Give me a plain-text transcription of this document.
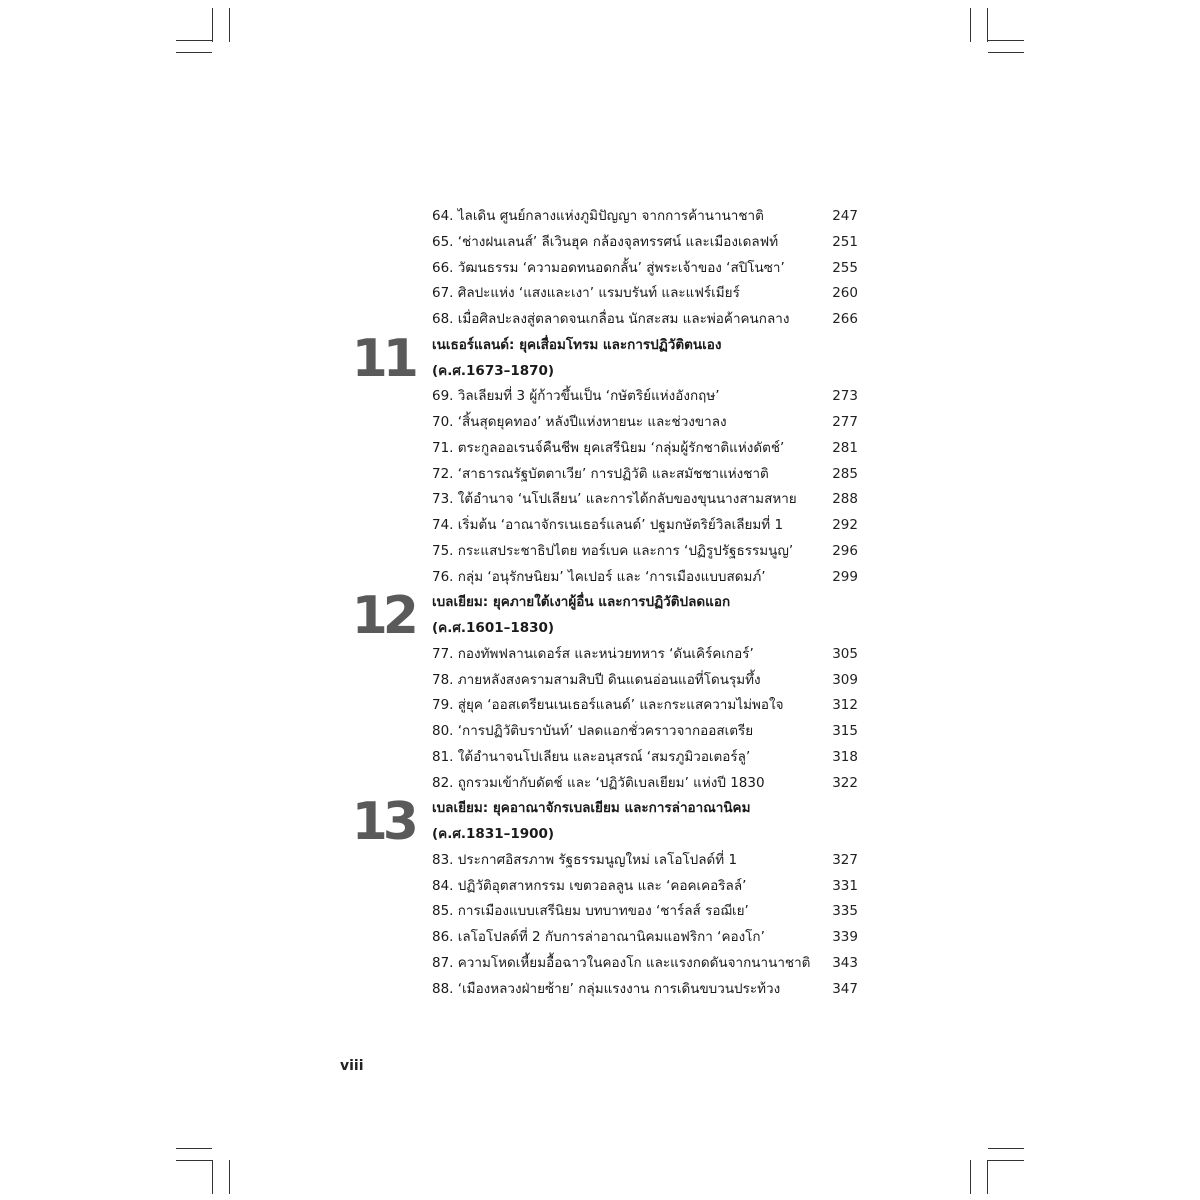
64. ไลเดิน ศูนย์กลางแห่งภูมิปัญญา จากการค้านานาชาติ	247
65. ‘ช่างฝนเลนส์’ ลีเวินฮุค กล้องจุลทรรศน์ และเมืองเดลฟท์	251
66. วัฒนธรรม ‘ความอดทนอดกลั้น’ สู่พระเจ้าของ ‘สปิโนซา’	255
67. ศิลปะแห่ง ‘แสงและเงา’ แรมบรันท์ และแฟร์เมียร์	260
68. เมื่อศิลปะลงสู่ตลาดจนเกลื่อน นักสะสม และพ่อค้าคนกลาง	266
เนเธอร์แลนด์: ยุคเสื่อมโทรม และการปฏิวัติตนเอง
(ค.ศ.1673–1870)
11
69. วิลเลียมที่ 3 ผู้ก้าวขึ้นเป็น ‘กษัตริย์แห่งอังกฤษ’	273
70. ‘สิ้นสุดยุคทอง’ หลังปีแห่งหายนะ และช่วงขาลง	277
71. ตระกูลออเรนจ์คืนชีพ ยุคเสรีนิยม ‘กลุ่มผู้รักชาติแห่งดัตช์’	281
72. ‘สาธารณรัฐบัตตาเวีย’ การปฏิวัติ และสมัชชาแห่งชาติ	285
73. ใต้อำนาจ ‘นโปเลียน’ และการได้กลับของขุนนางสามสหาย	288
74. เริ่มต้น ‘อาณาจักรเนเธอร์แลนด์’ ปฐมกษัตริย์วิลเลียมที่ 1	292
75. กระแสประชาธิปไตย ทอร์เบค และการ ‘ปฏิรูปรัฐธรรมนูญ’	296
76. กลุ่ม ‘อนุรักษนิยม’ ไคเปอร์ และ ‘การเมืองแบบสดมภ์’	299
เบลเยียม: ยุคภายใต้เงาผู้อื่น และการปฏิวัติปลดแอก
(ค.ศ.1601–1830)
12
77. กองทัพฟลานเดอร์ส และหน่วยทหาร ‘ดันเคิร์คเกอร์’	305
78. ภายหลังสงครามสามสิบปี ดินแดนอ่อนแอที่โดนรุมทึ้ง	309
79. สู่ยุค ‘ออสเตรียนเนเธอร์แลนด์’ และกระแสความไม่พอใจ	312
80. ‘การปฏิวัติบราบันท์’ ปลดแอกชั่วคราวจากออสเตรีย	315
81. ใต้อำนาจนโปเลียน และอนุสรณ์ ‘สมรภูมิวอเตอร์ลู’	318
82. ถูกรวมเข้ากับดัตช์ และ ‘ปฏิวัติเบลเยียม’ แห่งปี 1830	322
เบลเยียม: ยุคอาณาจักรเบลเยียม และการล่าอาณานิคม
(ค.ศ.1831–1900)
13
83. ประกาศอิสรภาพ รัฐธรรมนูญใหม่ เลโอโปลด์ที่ 1	327
84. ปฏิวัติอุตสาหกรรม เขตวอลลูน และ ‘คอคเคอริลล์’	331
85. การเมืองแบบเสรีนิยม บทบาทของ ‘ชาร์ลส์ รอฌีเย’	335
86. เลโอโปลด์ที่ 2 กับการล่าอาณานิคมแอฟริกา ‘คองโก’	339
87. ความโหดเหี้ยมอื้อฉาวในคองโก และแรงกดดันจากนานาชาติ 343
88. ‘เมืองหลวงฝ่ายซ้าย’ กลุ่มแรงงาน การเดินขบวนประท้วง	347
viii
